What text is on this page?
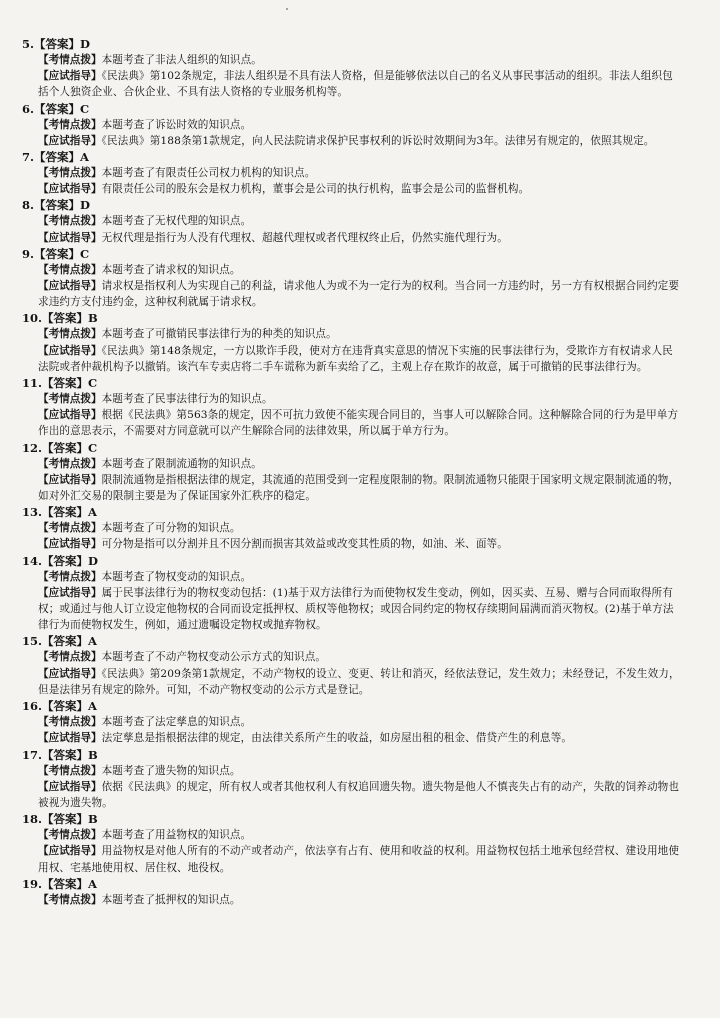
5.【答案】D
【考情点拨】本题考查了非法人组织的知识点。
【应试指导】《民法典》第102条规定，非法人组织是不具有法人资格，但是能够依法以自己的名义从事民事活动的组织。非法人组织包括个人独资企业、合伙企业、不具有法人资格的专业服务机构等。
6.【答案】C
【考情点拨】本题考查了诉讼时效的知识点。
【应试指导】《民法典》第188条第1款规定，向人民法院请求保护民事权利的诉讼时效期间为3年。法律另有规定的，依照其规定。
7.【答案】A
【考情点拨】本题考查了有限责任公司权力机构的知识点。
【应试指导】有限责任公司的股东会是权力机构，董事会是公司的执行机构，监事会是公司的监督机构。
8.【答案】D
【考情点拨】本题考查了无权代理的知识点。
【应试指导】无权代理是指行为人没有代理权、超越代理权或者代理权终止后，仍然实施代理行为。
9.【答案】C
【考情点拨】本题考查了请求权的知识点。
【应试指导】请求权是指权利人为实现自己的利益，请求他人为或不为一定行为的权利。当合同一方违约时，另一方有权根据合同约定要求违约方支付违约金，这种权利就属于请求权。
10.【答案】B
【考情点拨】本题考查了可撤销民事法律行为的种类的知识点。
【应试指导】《民法典》第148条规定，一方以欺诈手段，使对方在违背真实意思的情况下实施的民事法律行为，受欺诈方有权请求人民法院或者仲裁机构予以撤销。该汽车专卖店将二手车谎称为新车卖给了乙，主观上存在欺诈的故意，属于可撤销的民事法律行为。
11.【答案】C
【考情点拨】本题考查了民事法律行为的知识点。
【应试指导】根据《民法典》第563条的规定，因不可抗力致使不能实现合同目的，当事人可以解除合同。这种解除合同的行为是甲单方作出的意思表示，不需要对方同意就可以产生解除合同的法律效果，所以属于单方行为。
12.【答案】C
【考情点拨】本题考查了限制流通物的知识点。
【应试指导】限制流通物是指根据法律的规定，其流通的范围受到一定程度限制的物。限制流通物只能限于国家明文规定限制流通的物，如对外汇交易的限制主要是为了保证国家外汇秩序的稳定。
13.【答案】A
【考情点拨】本题考查了可分物的知识点。
【应试指导】可分物是指可以分割并且不因分割而损害其效益或改变其性质的物，如油、米、面等。
14.【答案】D
【考情点拨】本题考查了物权变动的知识点。
【应试指导】属于民事法律行为的物权变动包括：(1)基于双方法律行为而使物权发生变动，例如，因买卖、互易、赠与合同而取得所有权；或通过与他人订立设定他物权的合同而设定抵押权、质权等他物权；或因合同约定的物权存续期间届满而消灭物权。(2)基于单方法律行为而使物权发生，例如，通过遗嘱设定物权或抛弃物权。
15.【答案】A
【考情点拨】本题考查了不动产物权变动公示方式的知识点。
【应试指导】《民法典》第209条第1款规定，不动产物权的设立、变更、转让和消灭，经依法登记，发生效力；未经登记，不发生效力，但是法律另有规定的除外。可知，不动产物权变动的公示方式是登记。
16.【答案】A
【考情点拨】本题考查了法定孳息的知识点。
【应试指导】法定孳息是指根据法律的规定，由法律关系所产生的收益，如房屋出租的租金、借贷产生的利息等。
17.【答案】B
【考情点拨】本题考查了遗失物的知识点。
【应试指导】依据《民法典》的规定，所有权人或者其他权利人有权追回遗失物。遗失物是他人不慎丧失占有的动产，失散的饲养动物也被视为遗失物。
18.【答案】B
【考情点拨】本题考查了用益物权的知识点。
【应试指导】用益物权是对他人所有的不动产或者动产，依法享有占有、使用和收益的权利。用益物权包括土地承包经营权、建设用地使用权、宅基地使用权、居住权、地役权。
19.【答案】A
【考情点拨】本题考查了抵押权的知识点。
